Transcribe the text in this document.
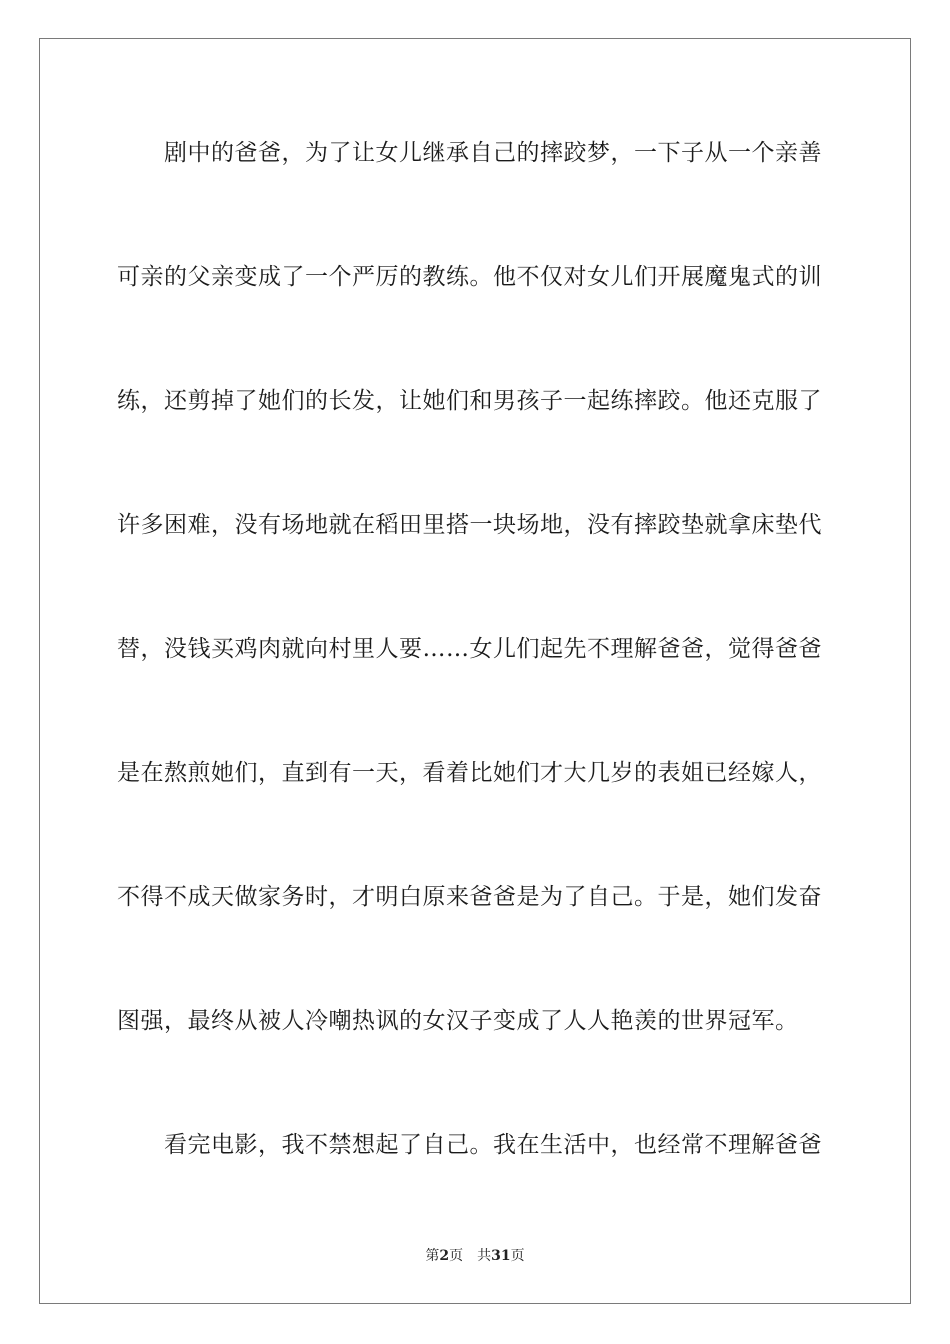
剧中的爸爸，为了让女儿继承自己的摔跤梦，一下子从一个亲善

可亲的父亲变成了一个严厉的教练。他不仅对女儿们开展魔鬼式的训

练，还剪掉了她们的长发，让她们和男孩子一起练摔跤。他还克服了

许多困难，没有场地就在稻田里搭一块场地，没有摔跤垫就拿床垫代

替，没钱买鸡肉就向村里人要……女儿们起先不理解爸爸，觉得爸爸

是在熬煎她们，直到有一天，看着比她们才大几岁的表姐已经嫁人，

不得不成天做家务时，才明白原来爸爸是为了自己。于是，她们发奋

图强，最终从被人冷嘲热讽的女汉子变成了人人艳羡的世界冠军。

看完电影，我不禁想起了自己。我在生活中，也经常不理解爸爸

第2页 共31页
